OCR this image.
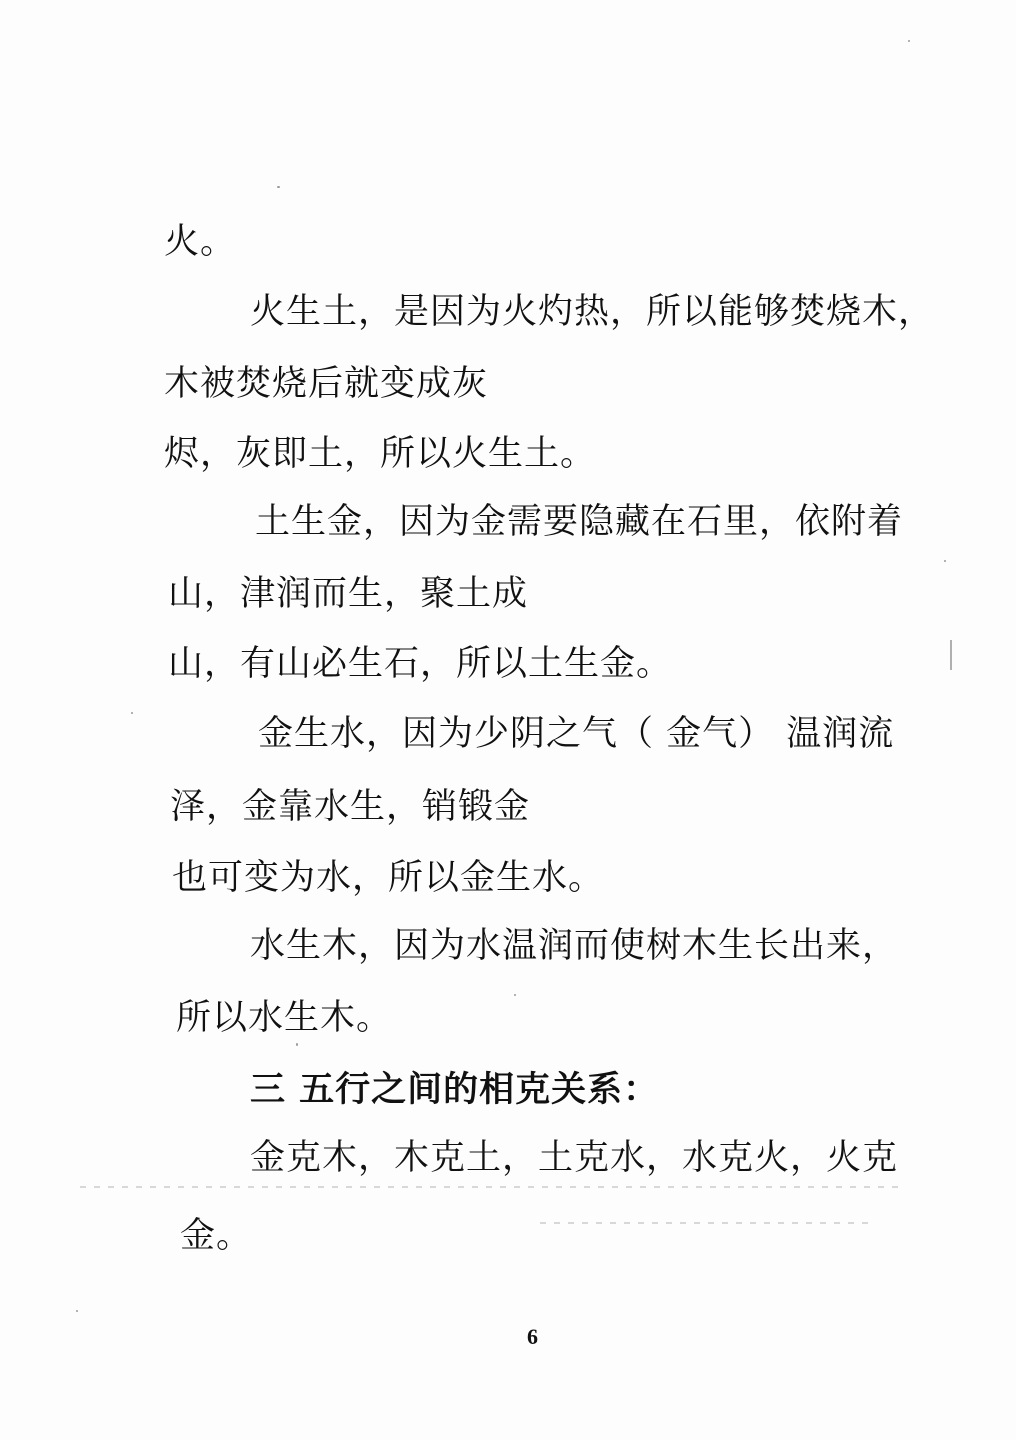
火。
火生土，是因为火灼热，所以能够焚烧木，
木被焚烧后就变成灰
烬，灰即土，所以火生土。
土生金，因为金需要隐藏在石里，依附着
山，津润而生，聚土成
山，有山必生石，所以土生金。
金生水，因为少阴之气（ 金气） 温润流
泽，金靠水生，销锻金
也可变为水，所以金生水。
水生木，因为水温润而使树木生长出来，
所以水生木。
三 五行之间的相克关系：
金克木，木克土，土克水，水克火，火克
金。
6
